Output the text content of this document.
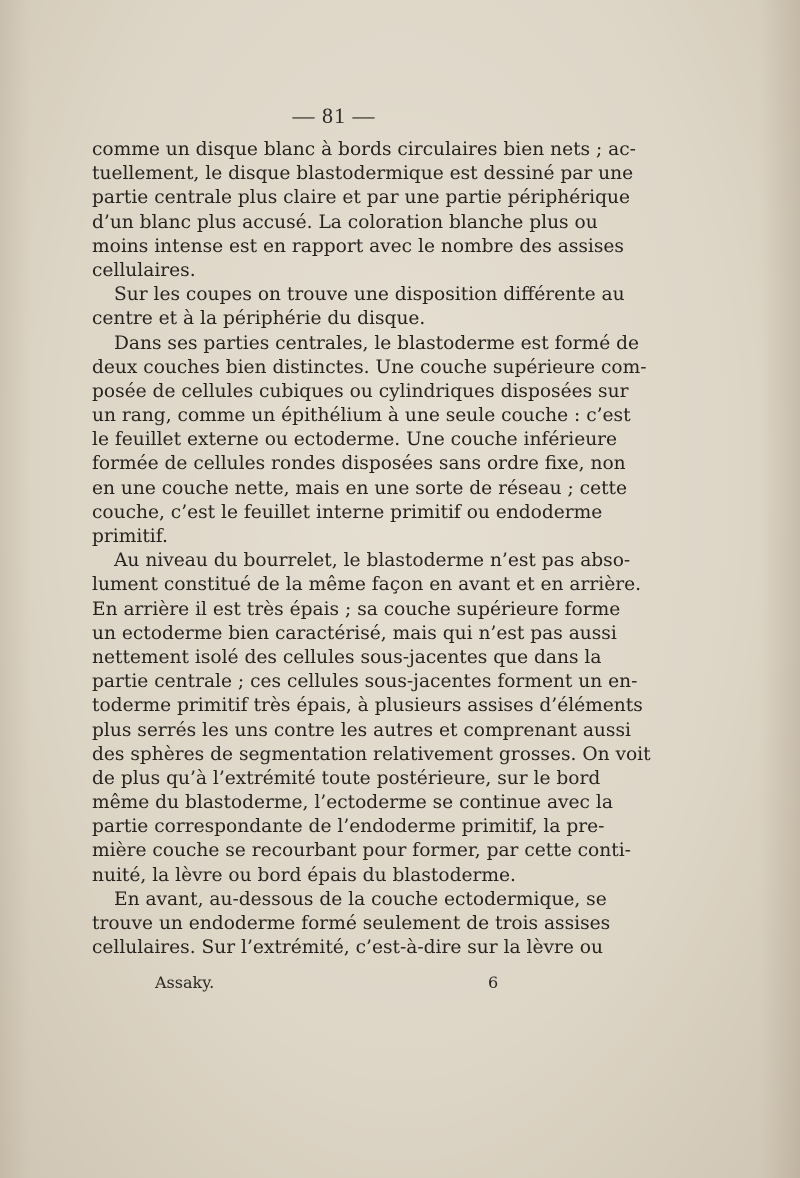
— 81 —
comme un disque blanc à bords circulaires bien nets ; ac-
tuellement, le disque blastodermique est dessiné par une
partie centrale plus claire et par une partie périphérique
d’un blanc plus accusé. La coloration blanche plus ou
moins intense est en rapport avec le nombre des assises
cellulaires.
Sur les coupes on trouve une disposition différente au
centre et à la périphérie du disque.
Dans ses parties centrales, le blastoderme est formé de
deux couches bien distinctes. Une couche supérieure com-
posée de cellules cubiques ou cylindriques disposées sur
un rang, comme un épithélium à une seule couche : c’est
le feuillet externe ou ectoderme. Une couche inférieure
formée de cellules rondes disposées sans ordre fixe, non
en une couche nette, mais en une sorte de réseau ; cette
couche, c’est le feuillet interne primitif ou endoderme
primitif.
Au niveau du bourrelet, le blastoderme n’est pas abso-
lument constitué de la même façon en avant et en arrière.
En arrière il est très épais ; sa couche supérieure forme
un ectoderme bien caractérisé, mais qui n’est pas aussi
nettement isolé des cellules sous-jacentes que dans la
partie centrale ; ces cellules sous-jacentes forment un en-
toderme primitif très épais, à plusieurs assises d’éléments
plus serrés les uns contre les autres et comprenant aussi
des sphères de segmentation relativement grosses. On voit
de plus qu’à l’extrémité toute postérieure, sur le bord
même du blastoderme, l’ectoderme se continue avec la
partie correspondante de l’endoderme primitif, la pre-
mière couche se recourbant pour former, par cette conti-
nuité, la lèvre ou bord épais du blastoderme.
En avant, au-dessous de la couche ectodermique, se
trouve un endoderme formé seulement de trois assises
cellulaires. Sur l’extrémité, c’est-à-dire sur la lèvre ou
Assaky.	6
